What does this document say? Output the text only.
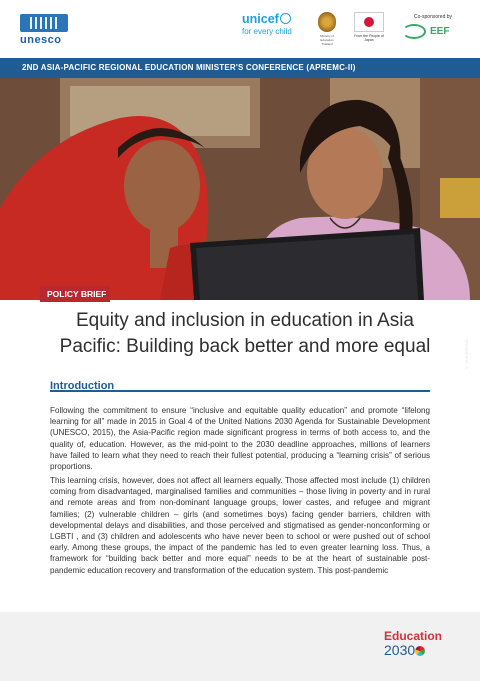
unesco
unicef
for every child	Ministry of Education Thailand
From the People of Japan
Co-sponsored by
EEF
2ND ASIA-PACIFIC REGIONAL EDUCATION MINISTER'S CONFERENCE (APREMC-II)
© UNICEF/UN0...
POLICY BRIEF
Equity and inclusion in education in Asia Pacific: Building back better and more equal
Introduction

Following the commitment to ensure “inclusive and equitable quality education” and promote “lifelong learning for all” made in 2015 in Goal 4 of the United Nations 2030 Agenda for Sustainable Development (UNESCO, 2015), the Asia-Pacific region made significant progress in terms of both access to, and the quality of, education. However, as the mid-point to the 2030 deadline approaches, millions of learners have failed to learn what they need to reach their fullest potential, producing a “learning crisis” of serious proportions.

This learning crisis, however, does not affect all learners equally. Those affected most include (1) children coming from disadvantaged, marginalised families and communities – those living in poverty and in rural and remote areas and from non-dominant language groups, lower castes, and refugee and migrant families; (2) vulnerable children – girls (and sometimes boys) facing gender barriers, children with developmental delays and disabilities, and those perceived and stigmatised as gender-nonconforming or LGBTI , and (3) children and adolescents who have never been to school or were pushed out of school early. Among these groups, the impact of the pandemic has led to even greater learning loss. Thus, a framework for “building back better and more equal” needs to be at the heart of sustainable post-pandemic education recovery and transformation of the education system. This post-pandemic

Education
2030
